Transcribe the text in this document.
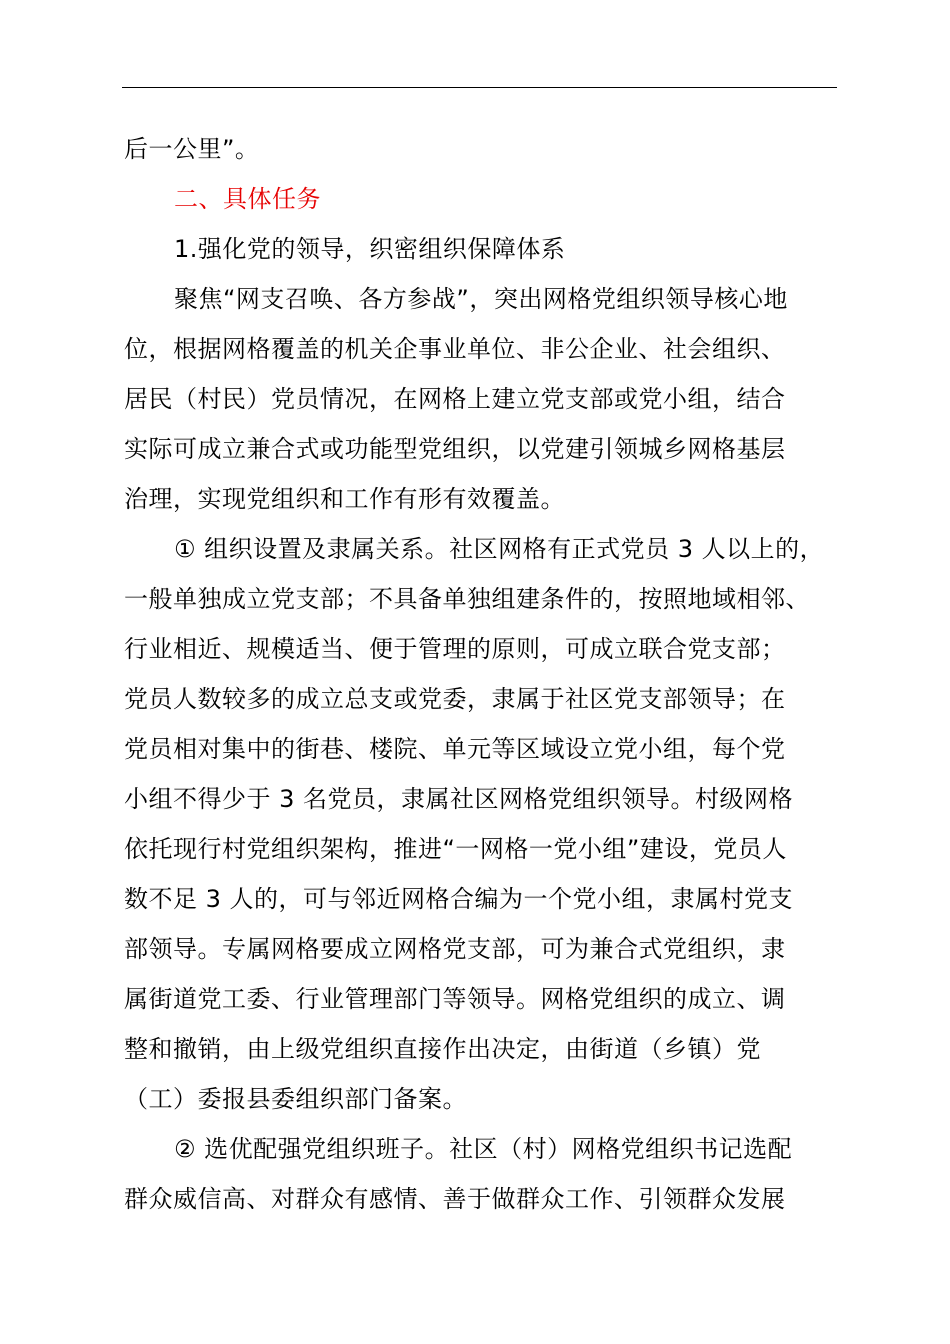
后一公里”。
二、具体任务
1.强化党的领导，织密组织保障体系
聚焦“网支召唤、各方参战”，突出网格党组织领导核心地
位，根据网格覆盖的机关企事业单位、非公企业、社会组织、
居民（村民）党员情况，在网格上建立党支部或党小组，结合
实际可成立兼合式或功能型党组织，以党建引领城乡网格基层
治理，实现党组织和工作有形有效覆盖。
① 组织设置及隶属关系。社区网格有正式党员 3 人以上的，
一般单独成立党支部；不具备单独组建条件的，按照地域相邻、
行业相近、规模适当、便于管理的原则，可成立联合党支部；
党员人数较多的成立总支或党委，隶属于社区党支部领导；在
党员相对集中的街巷、楼院、单元等区域设立党小组，每个党
小组不得少于 3 名党员，隶属社区网格党组织领导。村级网格
依托现行村党组织架构，推进“一网格一党小组”建设，党员人
数不足 3 人的，可与邻近网格合编为一个党小组，隶属村党支
部领导。专属网格要成立网格党支部，可为兼合式党组织，隶
属街道党工委、行业管理部门等领导。网格党组织的成立、调
整和撤销，由上级党组织直接作出决定，由街道（乡镇）党
（工）委报县委组织部门备案。
② 选优配强党组织班子。社区（村）网格党组织书记选配
群众威信高、对群众有感情、善于做群众工作、引领群众发展
